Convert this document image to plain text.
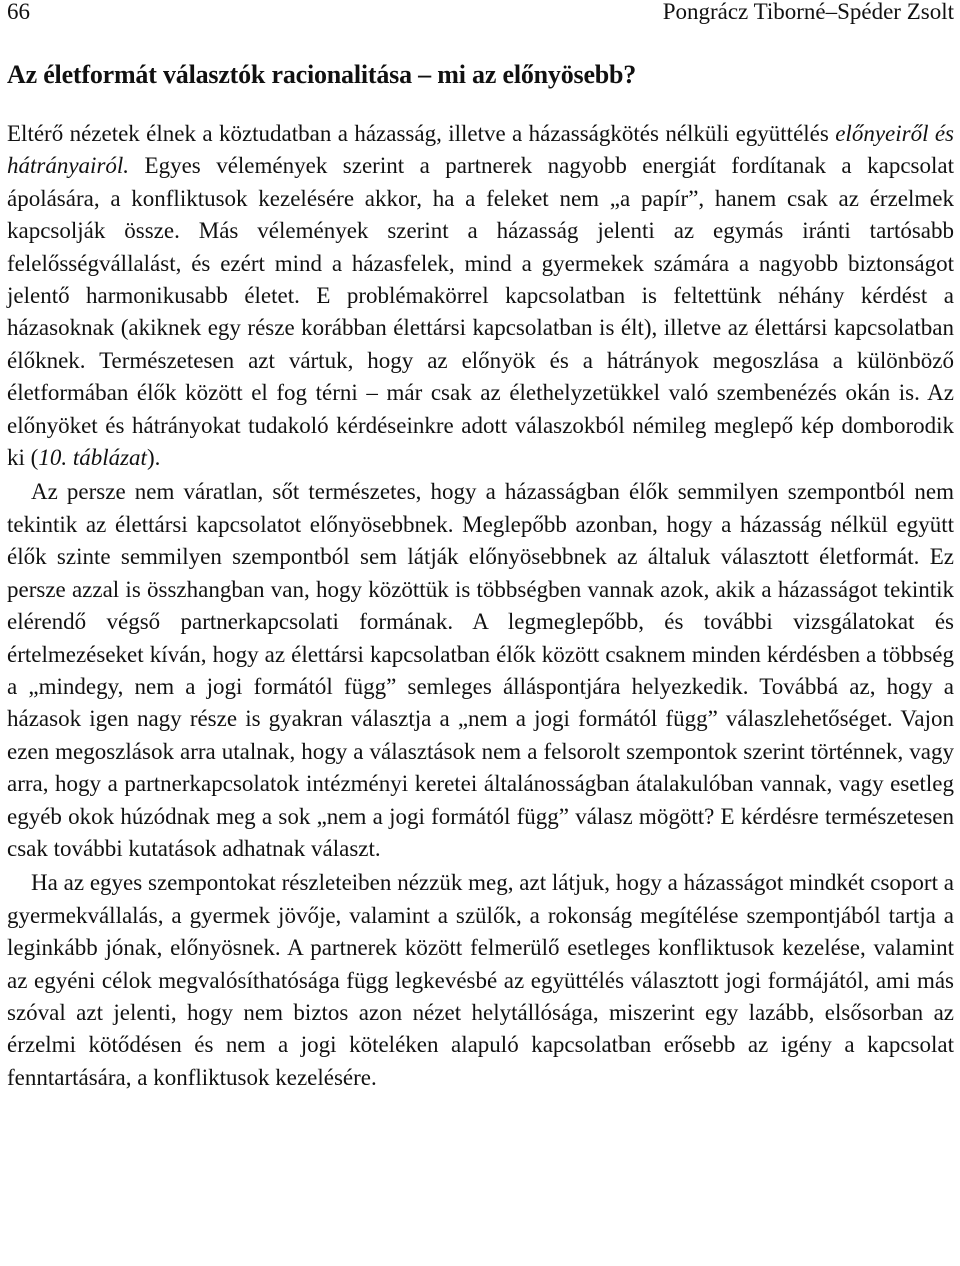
66	Pongrácz Tiborné–Spéder Zsolt
Az életformát választók racionalitása – mi az előnyösebb?

Eltérő nézetek élnek a köztudatban a házasság, illetve a házasságkötés nélküli együttélés előnyeiről és hátrányairól. Egyes vélemények szerint a partnerek nagyobb energiát fordítanak a kapcsolat ápolására, a konfliktusok kezelésére akkor, ha a feleket nem „a papír”, hanem csak az érzelmek kapcsolják össze. Más vélemények szerint a házasság jelenti az egymás iránti tartósabb felelősségvállalást, és ezért mind a házasfelek, mind a gyermekek számára a nagyobb biztonságot jelentő harmonikusabb életet. E problémakörrel kapcsolatban is feltettünk néhány kérdést a házasoknak (akiknek egy része korábban élettársi kapcsolatban is élt), illetve az élettársi kapcsolatban élőknek. Természetesen azt vártuk, hogy az előnyök és a hátrányok megoszlása a különböző életformában élők között el fog térni – már csak az élethelyzetükkel való szembenézés okán is. Az előnyöket és hátrányokat tudakoló kérdéseinkre adott válaszokból némileg meglepő kép domborodik ki (10. táblázat).

Az persze nem váratlan, sőt természetes, hogy a házasságban élők semmilyen szempontból nem tekintik az élettársi kapcsolatot előnyösebbnek. Meglepőbb azonban, hogy a házasság nélkül együtt élők szinte semmilyen szempontból sem látják előnyösebbnek az általuk választott életformát. Ez persze azzal is összhangban van, hogy közöttük is többségben vannak azok, akik a házasságot tekintik elérendő végső partnerkapcsolati formának. A legmeglepőbb, és további vizsgálatokat és értelmezéseket kíván, hogy az élettársi kapcsolatban élők között csaknem minden kérdésben a többség a „mindegy, nem a jogi formától függ” semleges álláspontjára helyezkedik. Továbbá az, hogy a házasok igen nagy része is gyakran választja a „nem a jogi formától függ” válaszlehetőséget. Vajon ezen megoszlások arra utalnak, hogy a választások nem a felsorolt szempontok szerint történnek, vagy arra, hogy a partnerkapcsolatok intézményi keretei általánosságban átalakulóban vannak, vagy esetleg egyéb okok húzódnak meg a sok „nem a jogi formától függ” válasz mögött? E kérdésre természetesen csak további kutatások adhatnak választ.

Ha az egyes szempontokat részleteiben nézzük meg, azt látjuk, hogy a házasságot mindkét csoport a gyermekvállalás, a gyermek jövője, valamint a szülők, a rokonság megítélése szempontjából tartja a leginkább jónak, előnyösnek. A partnerek között felmerülő esetleges konfliktusok kezelése, valamint az egyéni célok megvalósíthatósága függ legkevésbé az együttélés választott jogi formájától, ami más szóval azt jelenti, hogy nem biztos azon nézet helytállósága, miszerint egy lazább, elsősorban az érzelmi kötődésen és nem a jogi köteléken alapuló kapcsolatban erősebb az igény a kapcsolat fenntartására, a konfliktusok kezelésére.
